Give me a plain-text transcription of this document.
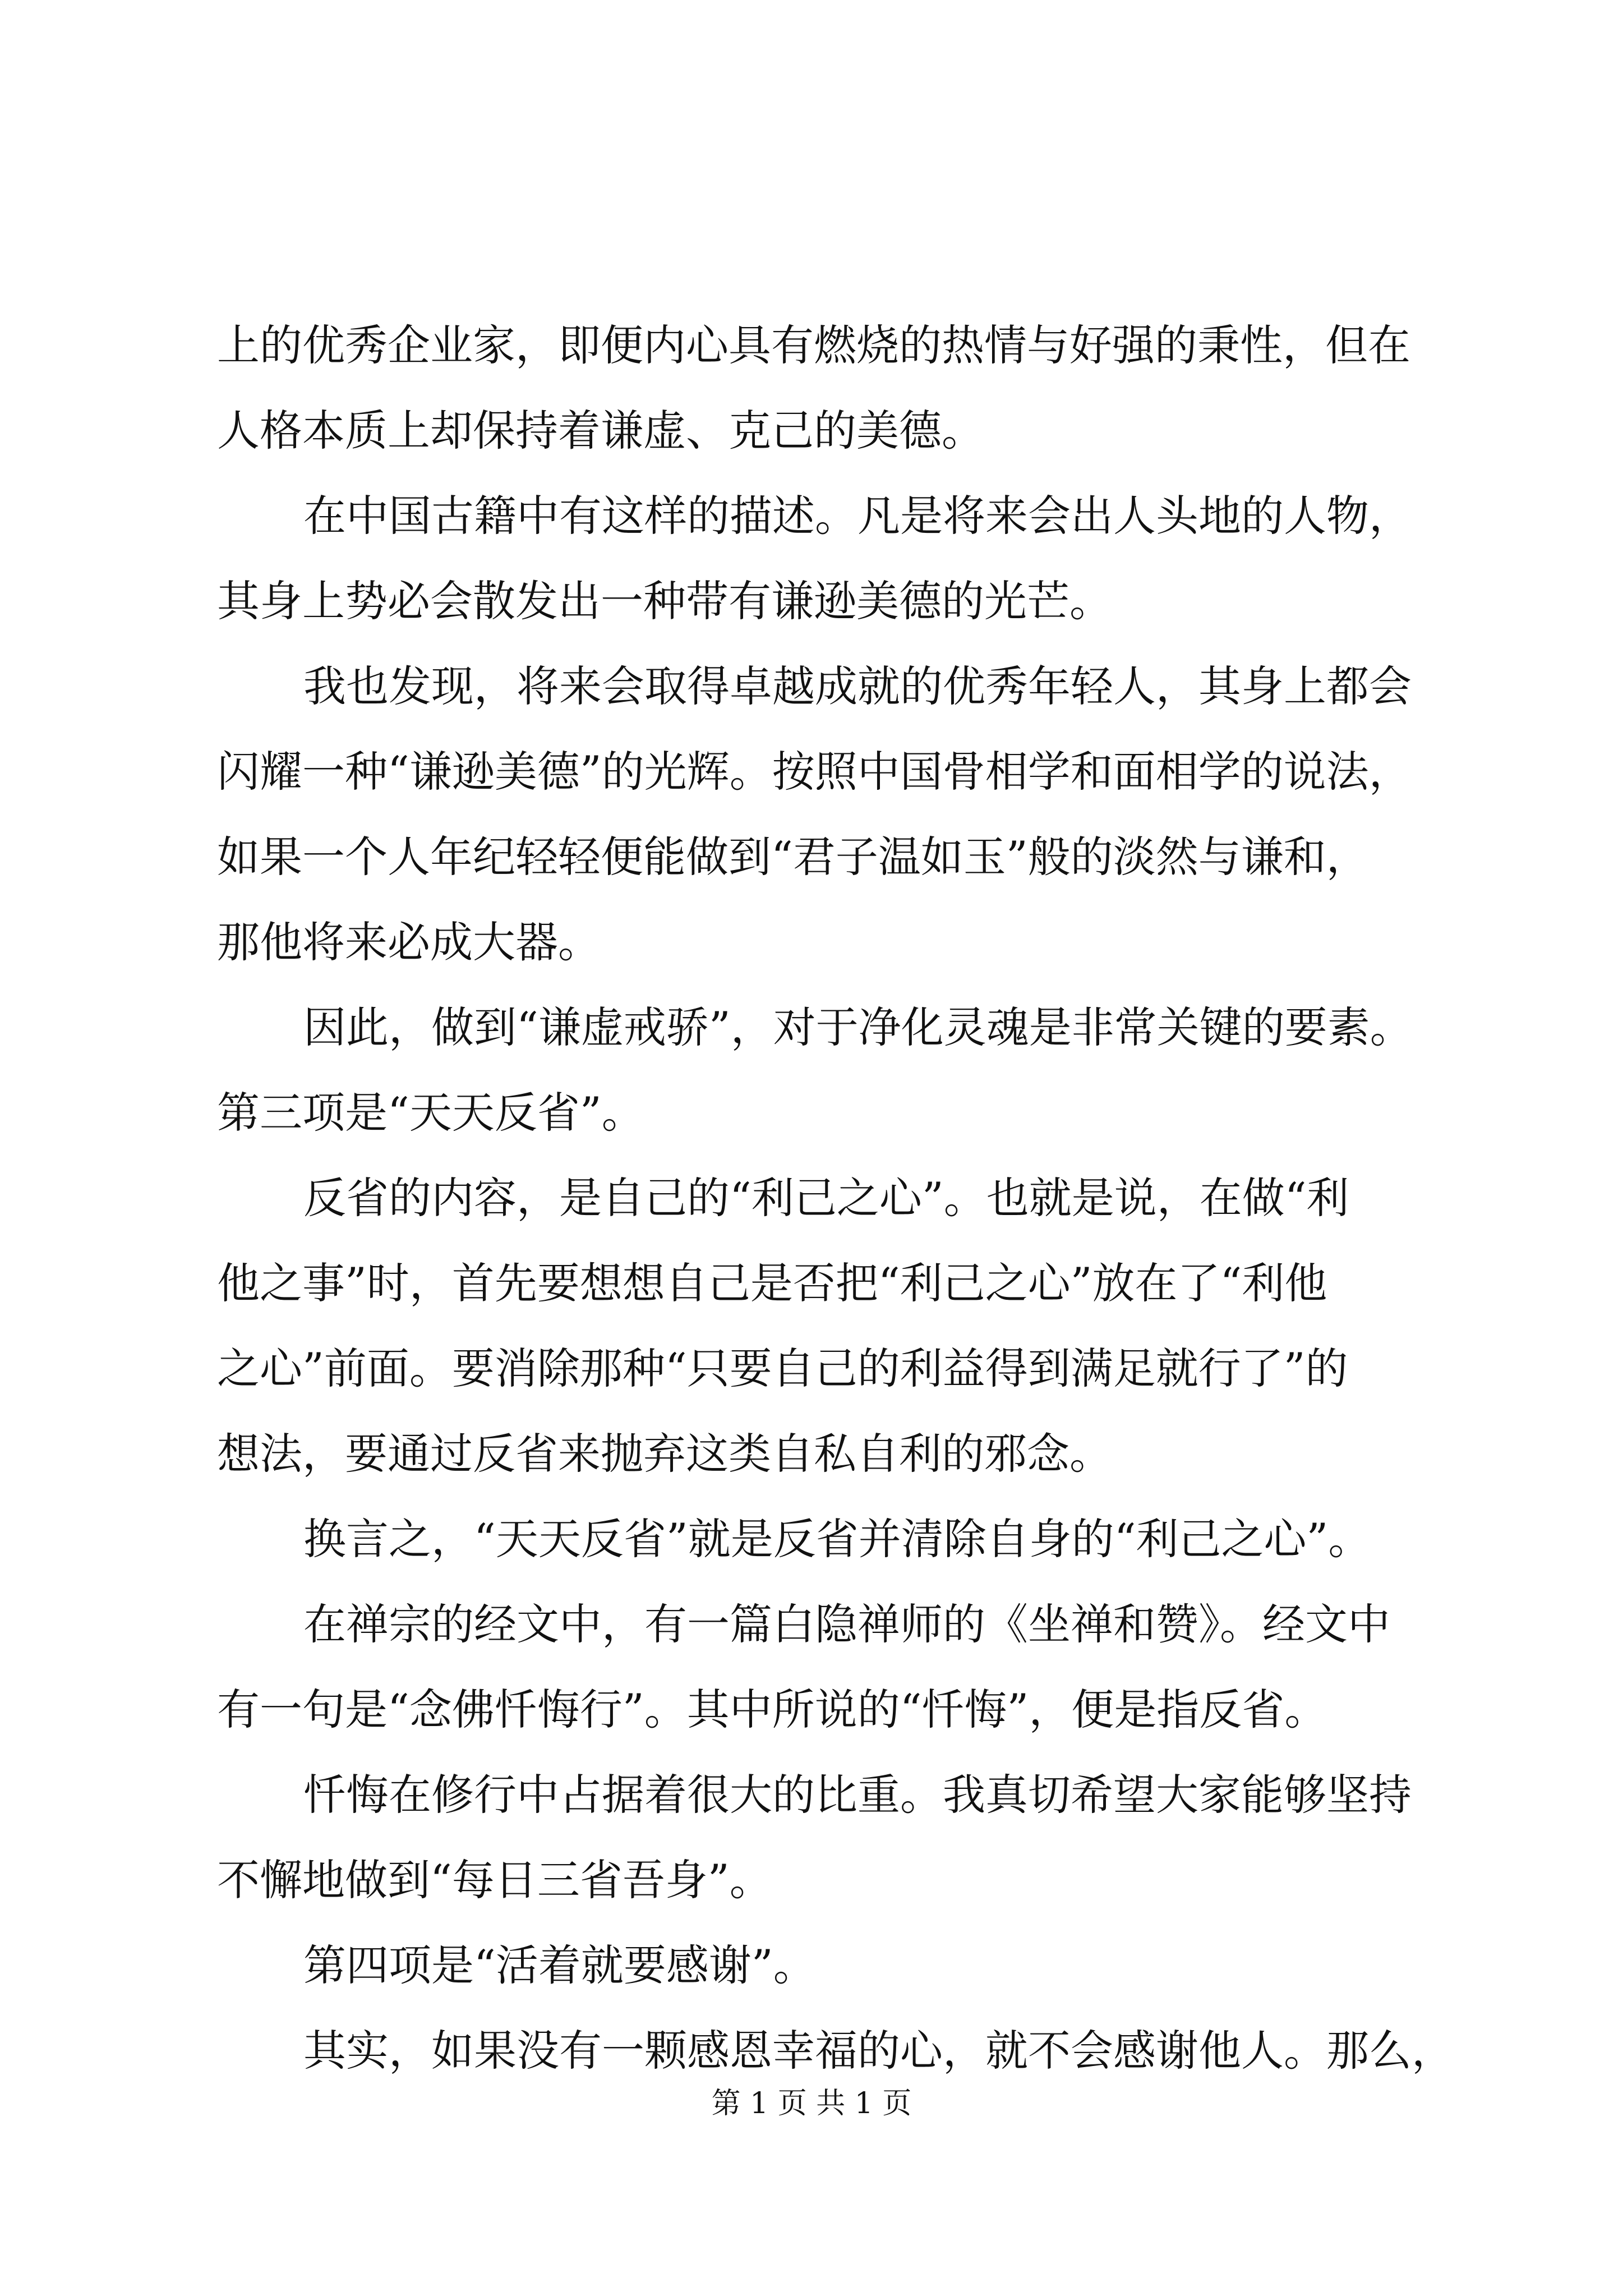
上的优秀企业家，即便内心具有燃烧的热情与好强的秉性，但在
人格本质上却保持着谦虚、克己的美德。
在中国古籍中有这样的描述。凡是将来会出人头地的人物，
其身上势必会散发出一种带有谦逊美德的光芒。
我也发现，将来会取得卓越成就的优秀年轻人，其身上都会
闪耀一种“谦逊美德”的光辉。按照中国骨相学和面相学的说法，
如果一个人年纪轻轻便能做到“君子温如玉”般的淡然与谦和，
那他将来必成大器。
因此，做到“谦虚戒骄”，对于净化灵魂是非常关键的要素。
第三项是“天天反省”。
反省的内容，是自己的“利己之心”。也就是说，在做“利
他之事”时，首先要想想自己是否把“利己之心”放在了“利他
之心”前面。要消除那种“只要自己的利益得到满足就行了”的
想法，要通过反省来抛弃这类自私自利的邪念。
换言之，“天天反省”就是反省并清除自身的“利己之心”。
在禅宗的经文中，有一篇白隐禅师的《坐禅和赞》。经文中
有一句是“念佛忏悔行”。其中所说的“忏悔”，便是指反省。
忏悔在修行中占据着很大的比重。我真切希望大家能够坚持
不懈地做到“每日三省吾身”。
第四项是“活着就要感谢”。
其实，如果没有一颗感恩幸福的心，就不会感谢他人。那么，
第 1 页 共 1 页
